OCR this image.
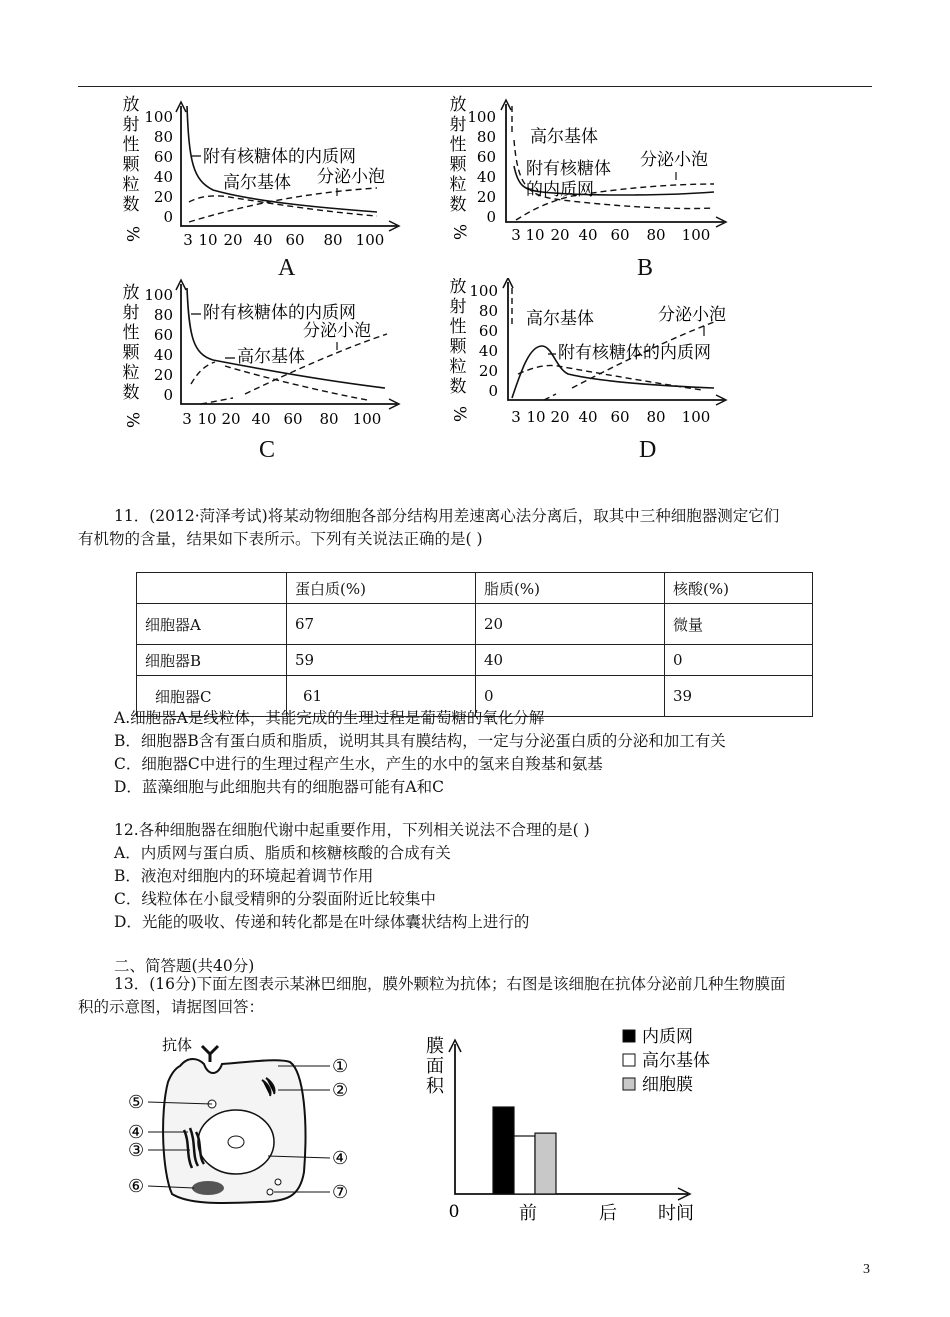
放
射
性
颗
粒
数
%
100
80
60
40
20
0
3 10 20 40 60 80 100
附有核糖体的内质网
高尔基体 分泌小泡
A
放
射
性
颗
粒
数
%
100
80
60
40
20
0
3 10 20 40 60 80 100
高尔基体
附有核糖体
的内质网
分泌小泡
B
放
射
性
颗
粒
数
%
100
80
60
40
20
0
3 10 20 40 60 80 100
附有核糖体的内质网
分泌小泡
高尔基体
C
放
射
性
颗
粒
数
%
100
80
60
40
20
0
3 10 20 40 60 80 100
高尔基体	分泌小泡
附有核糖体的内质网
D
11．(2012·菏泽考试)将某动物细胞各部分结构用差速离心法分离后，取其中三种细胞器测定它们
有机物的含量，结果如下表所示。下列有关说法正确的是( )
	蛋白质(%)	脂质(%)	核酸(%)
细胞器A	67	20	微量
细胞器B	59	40	0
细胞器C	61	0	39
A.细胞器A是线粒体，其能完成的生理过程是葡萄糖的氧化分解
B．细胞器B含有蛋白质和脂质，说明其具有膜结构，一定与分泌蛋白质的分泌和加工有关
C．细胞器C中进行的生理过程产生水，产生的水中的氢来自羧基和氨基
D．蓝藻细胞与此细胞共有的细胞器可能有A和C
12.各种细胞器在细胞代谢中起重要作用，下列相关说法不合理的是( )
A．内质网与蛋白质、脂质和核糖核酸的合成有关
B．液泡对细胞内的环境起着调节作用
C．线粒体在小鼠受精卵的分裂面附近比较集中
D．光能的吸收、传递和转化都是在叶绿体囊状结构上进行的
二、简答题(共40分)
13．(16分)下面左图表示某淋巴细胞，膜外颗粒为抗体；右图是该细胞在抗体分泌前几种生物膜面
积的示意图，请据图回答：
抗体
①
②
⑤
④
③	④
⑥	⑦
膜
面
积
0	前	后 时间
内质网
高尔基体
细胞膜
3
